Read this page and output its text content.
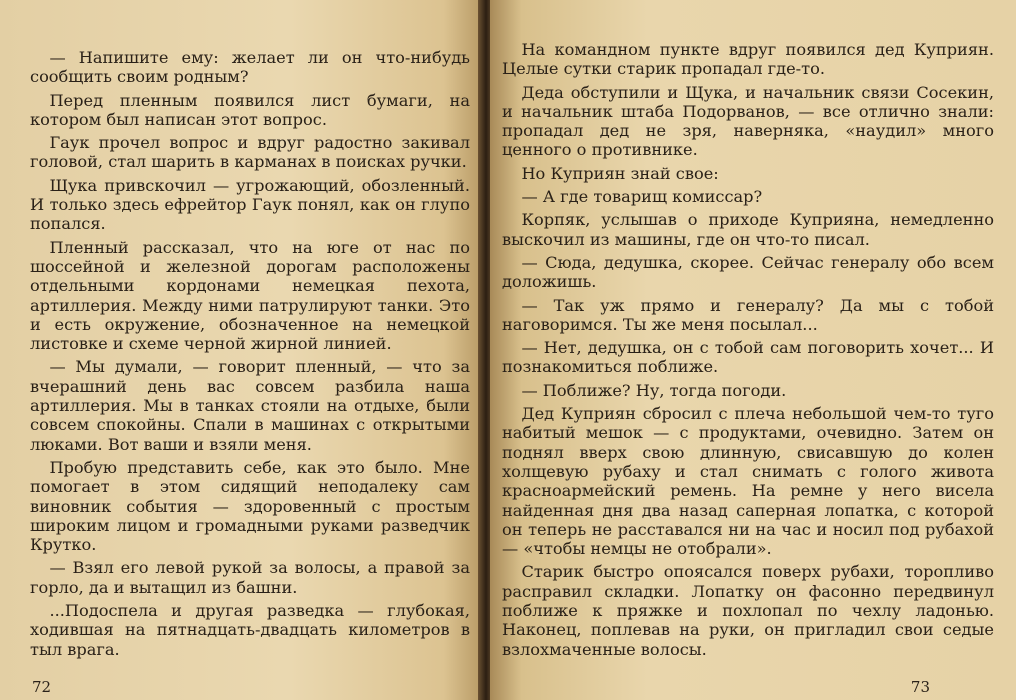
— Напишите ему: желает ли он что-нибудь сообщить своим родным?

Перед пленным появился лист бумаги, на котором был написан этот вопрос.

Гаук прочел вопрос и вдруг радостно закивал головой, стал шарить в карманах в поисках ручки.

Щука привскочил — угрожающий, обозленный. И только здесь ефрейтор Гаук понял, как он глупо попался.

Пленный рассказал, что на юге от нас по шоссейной и железной дорогам расположены отдельными кордонами немецкая пехота, артиллерия. Между ними патрулируют танки. Это и есть окружение, обозначенное на немецкой листовке и схеме черной жирной линией.

— Мы думали, — говорит пленный, — что за вчерашний день вас совсем разбила наша артиллерия. Мы в танках стояли на отдыхе, были совсем спокойны. Спали в машинах с открытыми люками. Вот ваши и взяли меня.

Пробую представить себе, как это было. Мне помогает в этом сидящий неподалеку сам виновник события — здоровенный с простым широким лицом и громадными руками разведчик Крутко.

— Взял его левой рукой за волосы, а правой за горло, да и вытащил из башни.

...Подоспела и другая разведка — глубокая, ходившая на пятнадцать-двадцать километров в тыл врага.

72

На командном пункте вдруг появился дед Куприян. Целые сутки старик пропадал где-то.

Деда обступили и Щука, и начальник связи Сосекин, и начальник штаба Подорванов, — все отлично знали: пропадал дед не зря, наверняка, «наудил» много ценного о противнике.

Но Куприян знай свое:

— А где товарищ комиссар?

Корпяк, услышав о приходе Куприяна, немедленно выскочил из машины, где он что-то писал.

— Сюда, дедушка, скорее. Сейчас генералу обо всем доложишь.

— Так уж прямо и генералу? Да мы с тобой наговоримся. Ты же меня посылал...

— Нет, дедушка, он с тобой сам поговорить хочет... И познакомиться поближе.

— Поближе? Ну, тогда погоди.

Дед Куприян сбросил с плеча небольшой чем-то туго набитый мешок — с продуктами, очевидно. Затем он поднял вверх свою длинную, свисавшую до колен холщевую рубаху и стал снимать с голого живота красноармейский ремень. На ремне у него висела найденная дня два назад саперная лопатка, с которой он теперь не расставался ни на час и носил под рубахой — «чтобы немцы не отобрали».

Старик быстро опоясался поверх рубахи, торопливо расправил складки. Лопатку он фасонно передвинул поближе к пряжке и похлопал по чехлу ладонью. Наконец, поплевав на руки, он пригладил свои седые взлохмаченные волосы.

73
